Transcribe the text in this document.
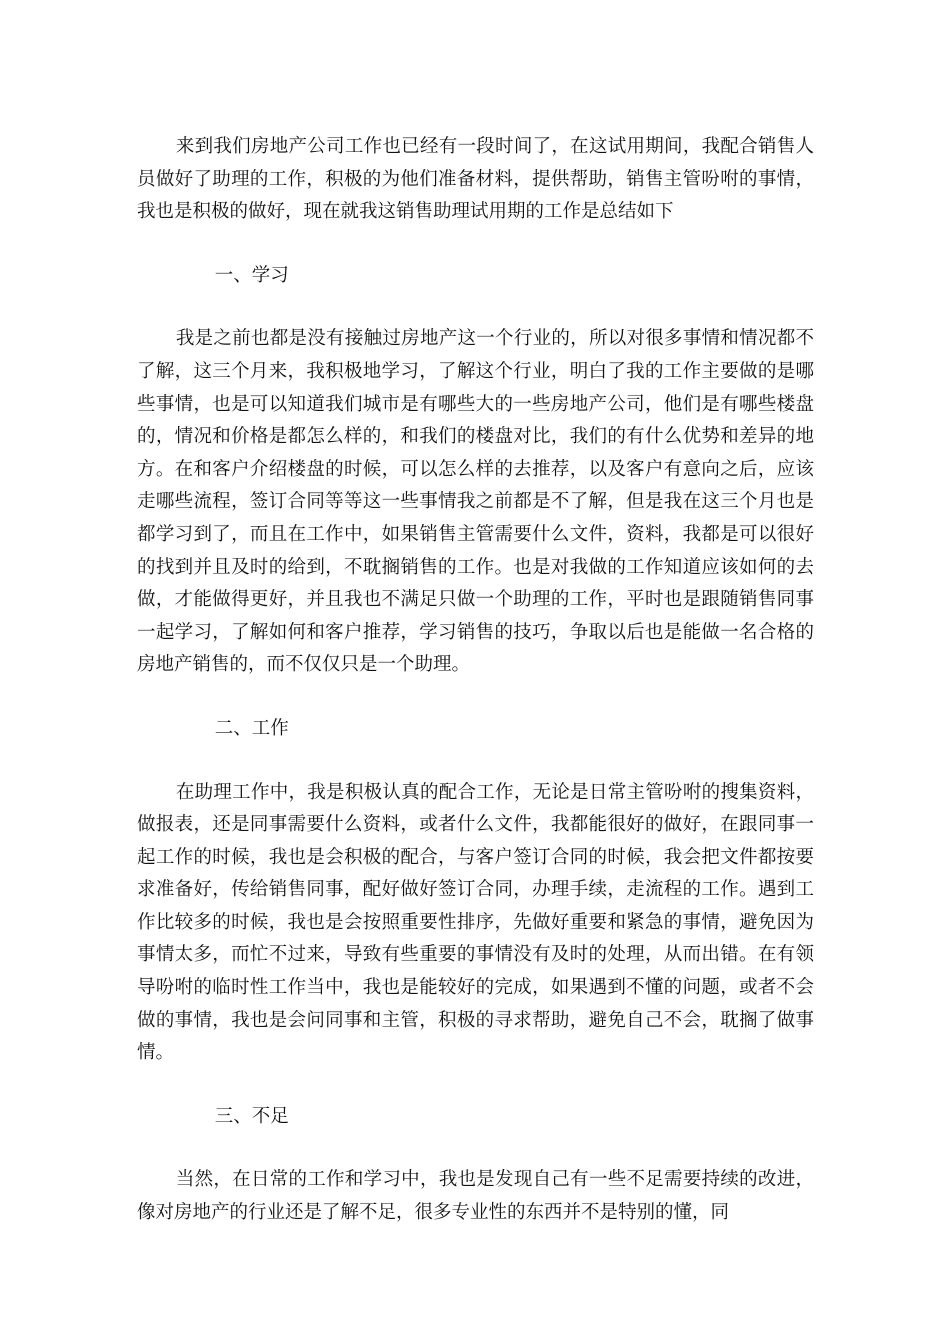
来到我们房地产公司工作也已经有一段时间了，在这试用期间，我配合销售人员做好了助理的工作，积极的为他们准备材料，提供帮助，销售主管吩咐的事情，我也是积极的做好，现在就我这销售助理试用期的工作是总结如下

一、学习

我是之前也都是没有接触过房地产这一个行业的，所以对很多事情和情况都不了解，这三个月来，我积极地学习，了解这个行业，明白了我的工作主要做的是哪些事情，也是可以知道我们城市是有哪些大的一些房地产公司，他们是有哪些楼盘的，情况和价格是都怎么样的，和我们的楼盘对比，我们的有什么优势和差异的地方。在和客户介绍楼盘的时候，可以怎么样的去推荐，以及客户有意向之后，应该走哪些流程，签订合同等等这一些事情我之前都是不了解，但是我在这三个月也是都学习到了，而且在工作中，如果销售主管需要什么文件，资料，我都是可以很好的找到并且及时的给到，不耽搁销售的工作。也是对我做的工作知道应该如何的去做，才能做得更好，并且我也不满足只做一个助理的工作，平时也是跟随销售同事一起学习，了解如何和客户推荐，学习销售的技巧，争取以后也是能做一名合格的房地产销售的，而不仅仅只是一个助理。

二、工作

在助理工作中，我是积极认真的配合工作，无论是日常主管吩咐的搜集资料，做报表，还是同事需要什么资料，或者什么文件，我都能很好的做好，在跟同事一起工作的时候，我也是会积极的配合，与客户签订合同的时候，我会把文件都按要求准备好，传给销售同事，配好做好签订合同，办理手续，走流程的工作。遇到工作比较多的时候，我也是会按照重要性排序，先做好重要和紧急的事情，避免因为事情太多，而忙不过来，导致有些重要的事情没有及时的处理，从而出错。在有领导吩咐的临时性工作当中，我也是能较好的完成，如果遇到不懂的问题，或者不会做的事情，我也是会问同事和主管，积极的寻求帮助，避免自己不会，耽搁了做事情。

三、不足

当然，在日常的工作和学习中，我也是发现自己有一些不足需要持续的改进，像对房地产的行业还是了解不足，很多专业性的东西并不是特别的懂，同
